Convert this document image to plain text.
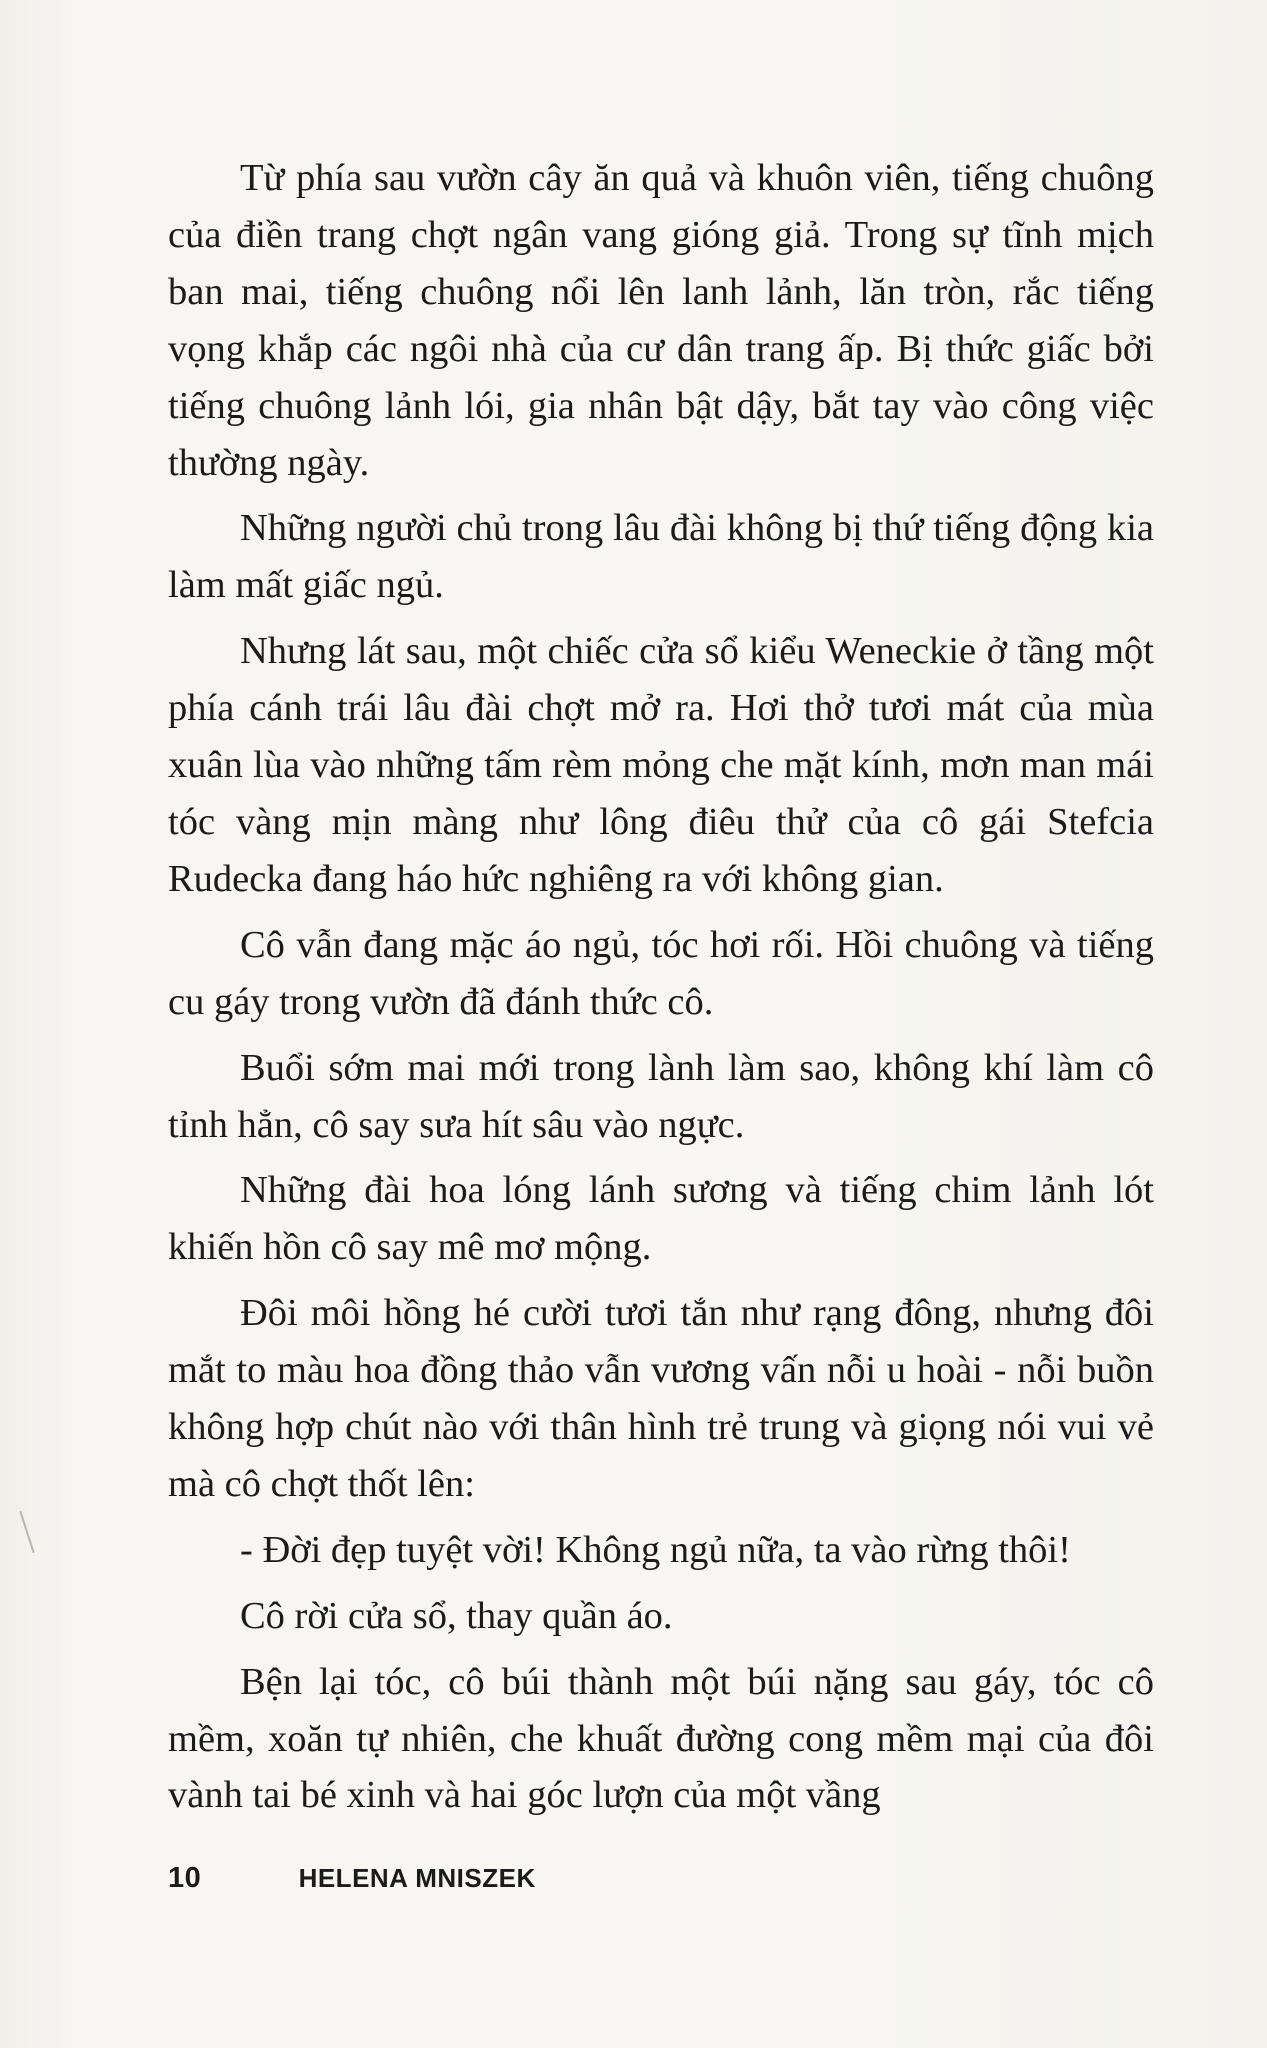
Từ phía sau vườn cây ăn quả và khuôn viên, tiếng chuông của điền trang chợt ngân vang gióng giả. Trong sự tĩnh mịch ban mai, tiếng chuông nổi lên lanh lảnh, lăn tròn, rắc tiếng vọng khắp các ngôi nhà của cư dân trang ấp. Bị thức giấc bởi tiếng chuông lảnh lói, gia nhân bật dậy, bắt tay vào công việc thường ngày.

Những người chủ trong lâu đài không bị thứ tiếng động kia làm mất giấc ngủ.

Nhưng lát sau, một chiếc cửa sổ kiểu Weneckie ở tầng một phía cánh trái lâu đài chợt mở ra. Hơi thở tươi mát của mùa xuân lùa vào những tấm rèm mỏng che mặt kính, mơn man mái tóc vàng mịn màng như lông điêu thử của cô gái Stefcia Rudecka đang háo hức nghiêng ra với không gian.

Cô vẫn đang mặc áo ngủ, tóc hơi rối. Hồi chuông và tiếng cu gáy trong vườn đã đánh thức cô.

Buổi sớm mai mới trong lành làm sao, không khí làm cô tỉnh hẳn, cô say sưa hít sâu vào ngực.

Những đài hoa lóng lánh sương và tiếng chim lảnh lót khiến hồn cô say mê mơ mộng.

Đôi môi hồng hé cười tươi tắn như rạng đông, nhưng đôi mắt to màu hoa đồng thảo vẫn vương vấn nỗi u hoài - nỗi buồn không hợp chút nào với thân hình trẻ trung và giọng nói vui vẻ mà cô chợt thốt lên:

- Đời đẹp tuyệt vời! Không ngủ nữa, ta vào rừng thôi!

Cô rời cửa sổ, thay quần áo.

Bện lại tóc, cô búi thành một búi nặng sau gáy, tóc cô mềm, xoăn tự nhiên, che khuất đường cong mềm mại của đôi vành tai bé xinh và hai góc lượn của một vầng

10	HELENA MNISZEK
